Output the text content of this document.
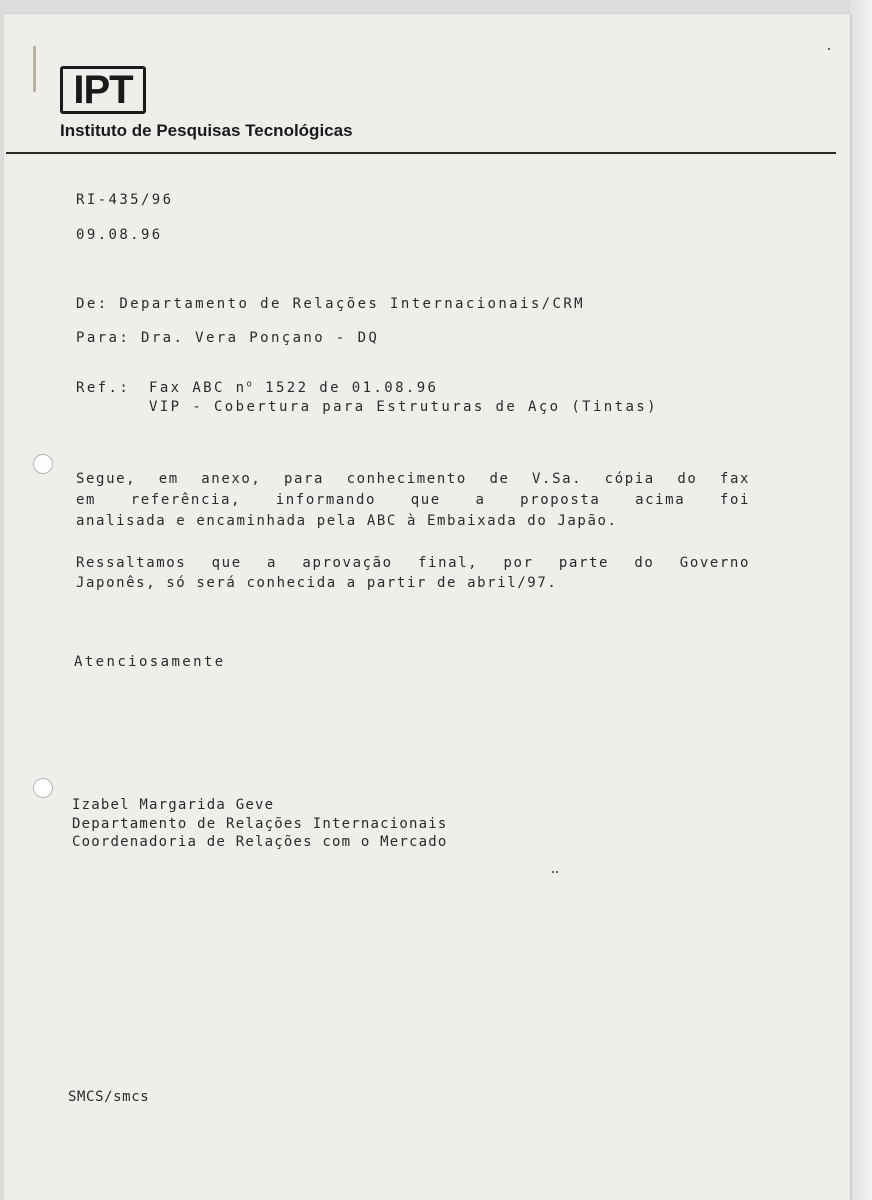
IPT
Instituto de Pesquisas Tecnológicas
RI-435/96
09.08.96
De: Departamento de Relações Internacionais/CRM
Para: Dra. Vera Ponçano - DQ
Ref.: Fax ABC $n^o$ 1522 de 01.08.96
VIP - Cobertura para Estruturas de Aço (Tintas)
Segue, em anexo, para conhecimento de V.Sa. cópia do fax
em referência, informando que a proposta acima foi
analisada e encaminhada pela ABC à Embaixada do Japão.
Ressaltamos que a aprovação final, por parte do Governo
Japonês, só será conhecida a partir de abril/97.
Atenciosamente
Izabel Margarida Geve
Departamento de Relações Internacionais
Coordenadoria de Relações com o Mercado
SMCS/smcs
